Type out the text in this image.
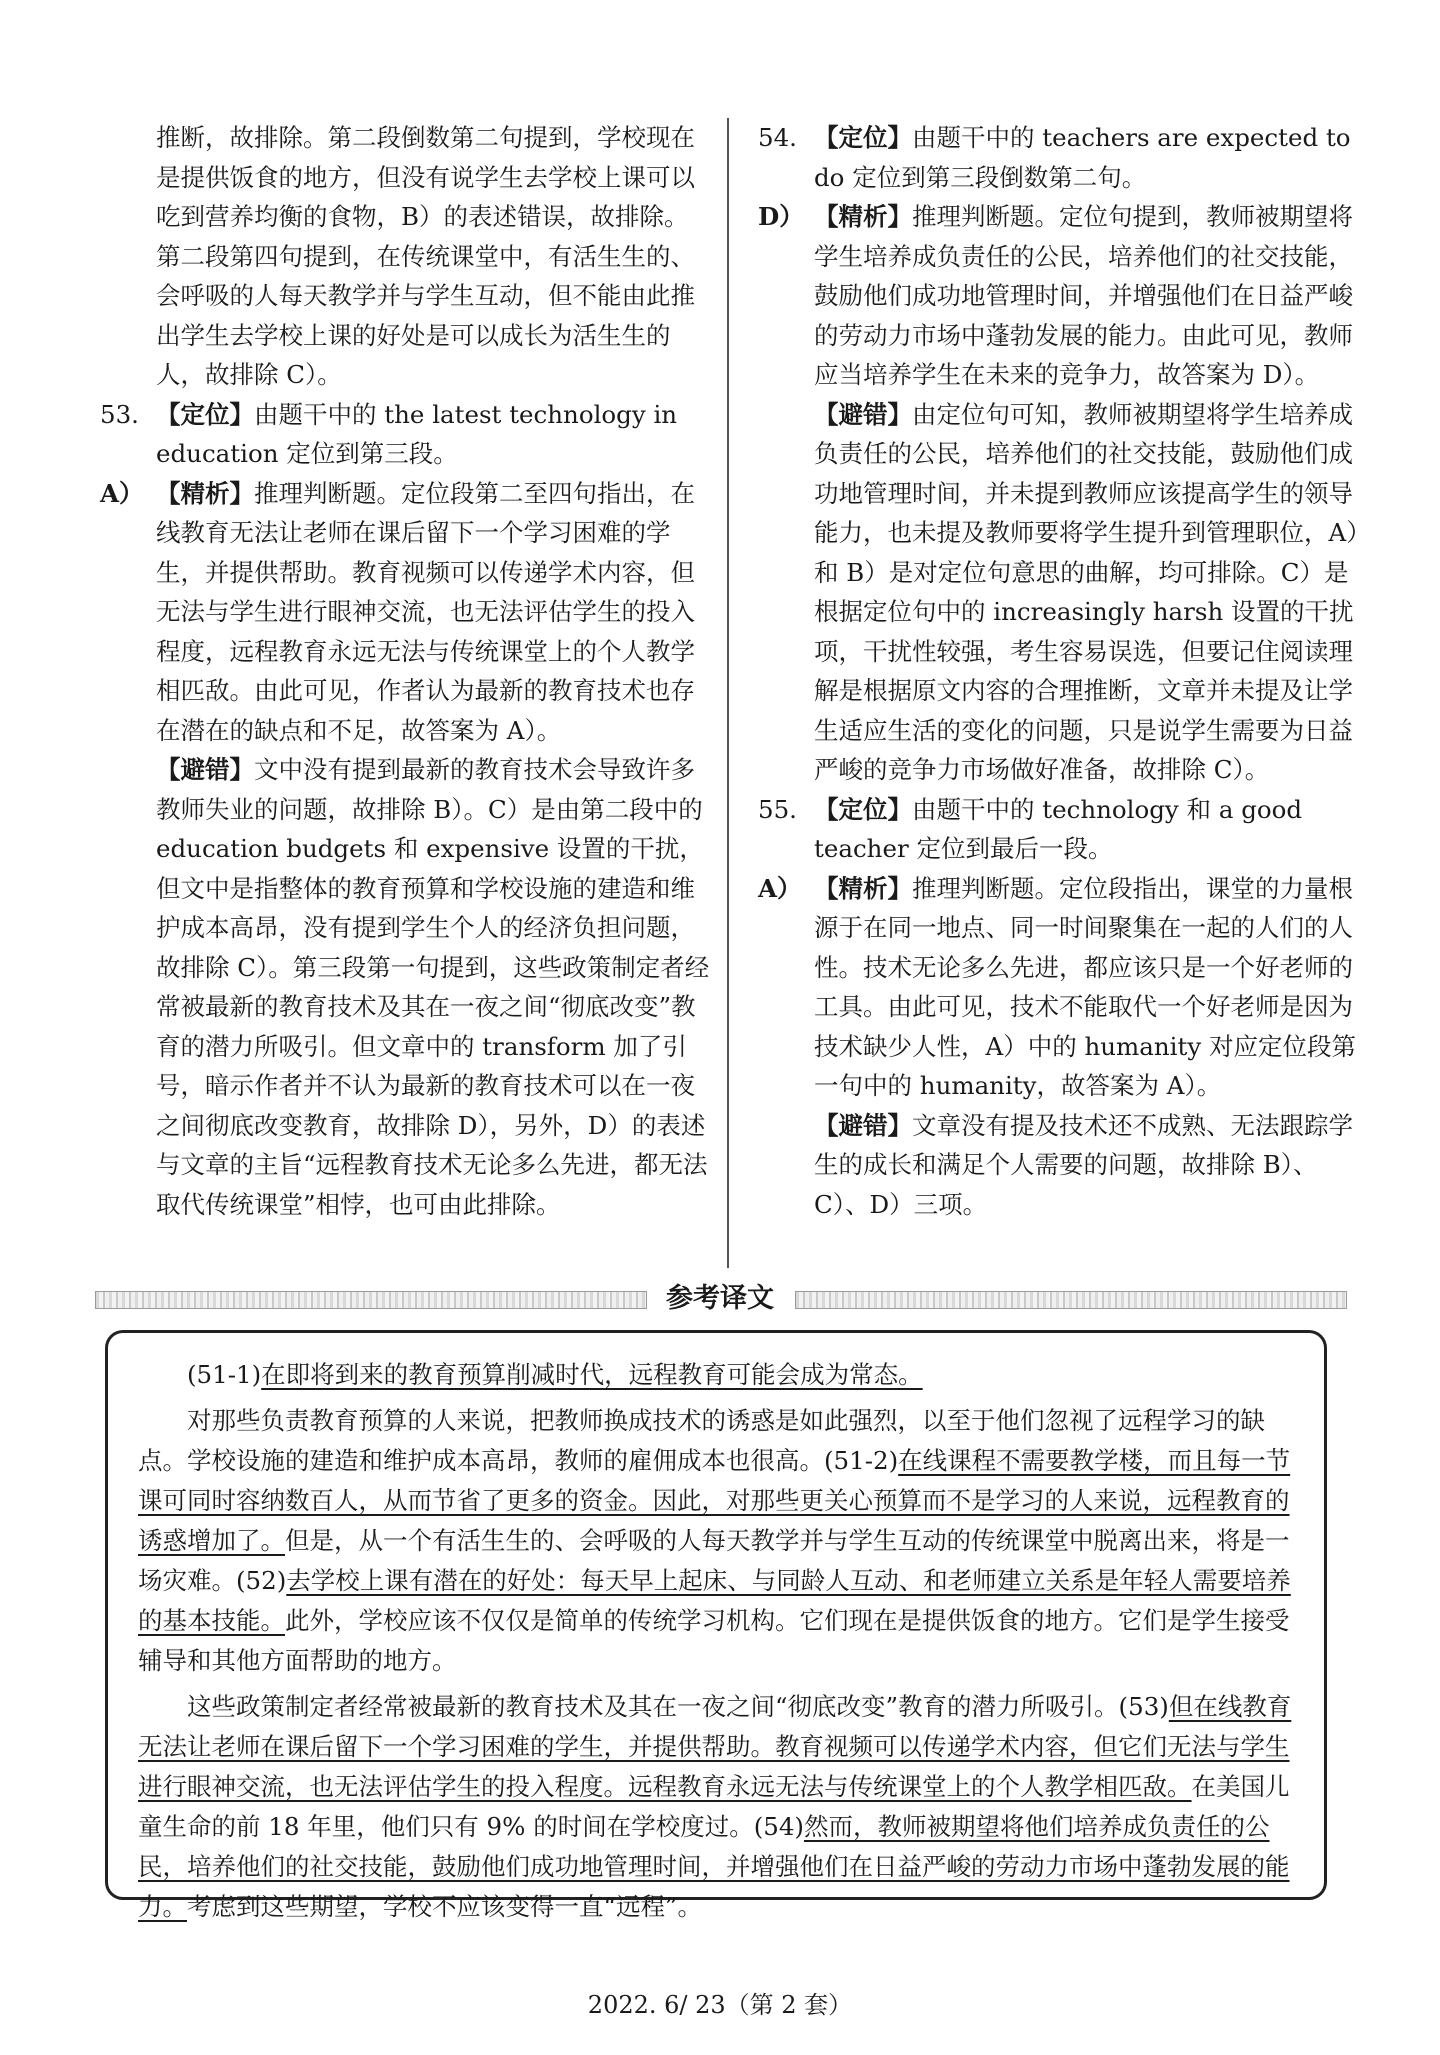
推断，故排除。第二段倒数第二句提到，学校现在是提供饭食的地方，但没有说学生去学校上课可以吃到营养均衡的食物，B）的表述错误，故排除。第二段第四句提到，在传统课堂中，有活生生的、会呼吸的人每天教学并与学生互动，但不能由此推出学生去学校上课的好处是可以成长为活生生的人，故排除 C）。

53. 【定位】由题干中的 the latest technology in education 定位到第三段。

A） 【精析】推理判断题。定位段第二至四句指出，在线教育无法让老师在课后留下一个学习困难的学生，并提供帮助。教育视频可以传递学术内容，但无法与学生进行眼神交流，也无法评估学生的投入程度，远程教育永远无法与传统课堂上的个人教学相匹敌。由此可见，作者认为最新的教育技术也存在潜在的缺点和不足，故答案为 A）。

【避错】文中没有提到最新的教育技术会导致许多教师失业的问题，故排除 B）。C）是由第二段中的 education budgets 和 expensive 设置的干扰，但文中是指整体的教育预算和学校设施的建造和维护成本高昂，没有提到学生个人的经济负担问题，故排除 C）。第三段第一句提到，这些政策制定者经常被最新的教育技术及其在一夜之间“彻底改变”教育的潜力所吸引。但文章中的 transform 加了引号，暗示作者并不认为最新的教育技术可以在一夜之间彻底改变教育，故排除 D），另外，D）的表述与文章的主旨“远程教育技术无论多么先进，都无法取代传统课堂”相悖，也可由此排除。

54. 【定位】由题干中的 teachers are expected to do 定位到第三段倒数第二句。

D） 【精析】推理判断题。定位句提到，教师被期望将学生培养成负责任的公民，培养他们的社交技能，鼓励他们成功地管理时间，并增强他们在日益严峻的劳动力市场中蓬勃发展的能力。由此可见，教师应当培养学生在未来的竞争力，故答案为 D）。

【避错】由定位句可知，教师被期望将学生培养成负责任的公民，培养他们的社交技能，鼓励他们成功地管理时间，并未提到教师应该提高学生的领导能力，也未提及教师要将学生提升到管理职位，A）和 B）是对定位句意思的曲解，均可排除。C）是根据定位句中的 increasingly harsh 设置的干扰项，干扰性较强，考生容易误选，但要记住阅读理解是根据原文内容的合理推断，文章并未提及让学生适应生活的变化的问题，只是说学生需要为日益严峻的竞争力市场做好准备，故排除 C）。

55. 【定位】由题干中的 technology 和 a good teacher 定位到最后一段。

A） 【精析】推理判断题。定位段指出，课堂的力量根源于在同一地点、同一时间聚集在一起的人们的人性。技术无论多么先进，都应该只是一个好老师的工具。由此可见，技术不能取代一个好老师是因为技术缺少人性，A）中的 humanity 对应定位段第一句中的 humanity，故答案为 A）。

【避错】文章没有提及技术还不成熟、无法跟踪学生的成长和满足个人需要的问题，故排除 B）、C）、D）三项。

参考译文

(51-1)在即将到来的教育预算削减时代，远程教育可能会成为常态。

对那些负责教育预算的人来说，把教师换成技术的诱惑是如此强烈，以至于他们忽视了远程学习的缺点。学校设施的建造和维护成本高昂，教师的雇佣成本也很高。(51-2)在线课程不需要教学楼，而且每一节课可同时容纳数百人，从而节省了更多的资金。因此，对那些更关心预算而不是学习的人来说，远程教育的诱惑增加了。但是，从一个有活生生的、会呼吸的人每天教学并与学生互动的传统课堂中脱离出来，将是一场灾难。(52)去学校上课有潜在的好处：每天早上起床、与同龄人互动、和老师建立关系是年轻人需要培养的基本技能。此外，学校应该不仅仅是简单的传统学习机构。它们现在是提供饭食的地方。它们是学生接受辅导和其他方面帮助的地方。

这些政策制定者经常被最新的教育技术及其在一夜之间“彻底改变”教育的潜力所吸引。(53)但在线教育无法让老师在课后留下一个学习困难的学生，并提供帮助。教育视频可以传递学术内容，但它们无法与学生进行眼神交流，也无法评估学生的投入程度。远程教育永远无法与传统课堂上的个人教学相匹敌。在美国儿童生命的前 18 年里，他们只有 9% 的时间在学校度过。(54)然而，教师被期望将他们培养成负责任的公民，培养他们的社交技能，鼓励他们成功地管理时间，并增强他们在日益严峻的劳动力市场中蓬勃发展的能力。考虑到这些期望，学校不应该变得一直“远程”。

2022. 6/ 23（第 2 套）
